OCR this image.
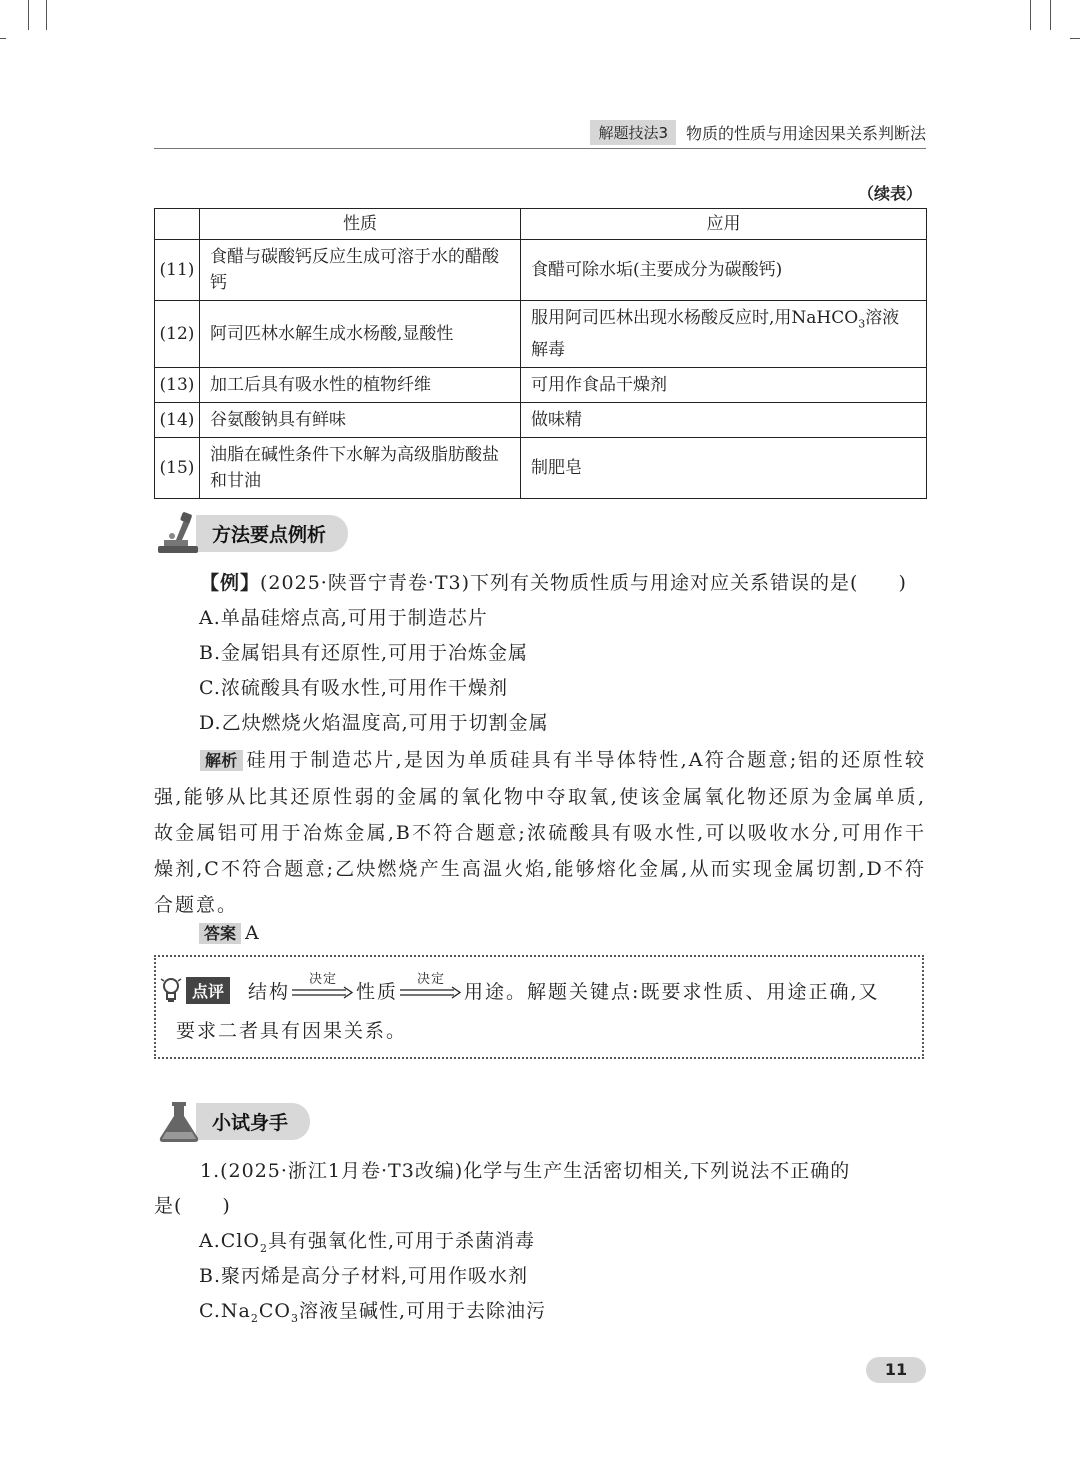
解题技法3	物质的性质与用途因果关系判断法
（续表）
	性质	应用
(11)	食醋与碳酸钙反应生成可溶于水的醋酸钙	食醋可除水垢(主要成分为碳酸钙)
(12)	阿司匹林水解生成水杨酸,显酸性	服用阿司匹林出现水杨酸反应时,用NaHCO$_3$溶液解毒
(13)	加工后具有吸水性的植物纤维	可用作食品干燥剂
(14)	谷氨酸钠具有鲜味	做味精
(15)	油脂在碱性条件下水解为高级脂肪酸盐和甘油	制肥皂
方法要点例析
【例】(2025·陕晋宁青卷·T3)下列有关物质性质与用途对应关系错误的是(　　)
A.单晶硅熔点高,可用于制造芯片
B.金属铝具有还原性,可用于冶炼金属
C.浓硫酸具有吸水性,可用作干燥剂
D.乙炔燃烧火焰温度高,可用于切割金属
解析 硅用于制造芯片,是因为单质硅具有半导体特性,A符合题意;铝的还原性较强,能够从比其还原性弱的金属的氧化物中夺取氧,使该金属氧化物还原为金属单质,故金属铝可用于冶炼金属,B不符合题意;浓硫酸具有吸水性,可以吸收水分,可用作干燥剂,C不符合题意;乙炔燃烧产生高温火焰,能够熔化金属,从而实现金属切割,D不符合题意。
答案 A
点评	结构
决定
性质
决定
用途。解题关键点:既要求性质、用途正确,又
要求二者具有因果关系。
小试身手
1.(2025·浙江1月卷·T3改编)化学与生产生活密切相关,下列说法不正确的
是(　　)
A.ClO$_2$具有强氧化性,可用于杀菌消毒
B.聚丙烯是高分子材料,可用作吸水剂
$C.Na_2CO_3$溶液呈碱性,可用于去除油污
11
